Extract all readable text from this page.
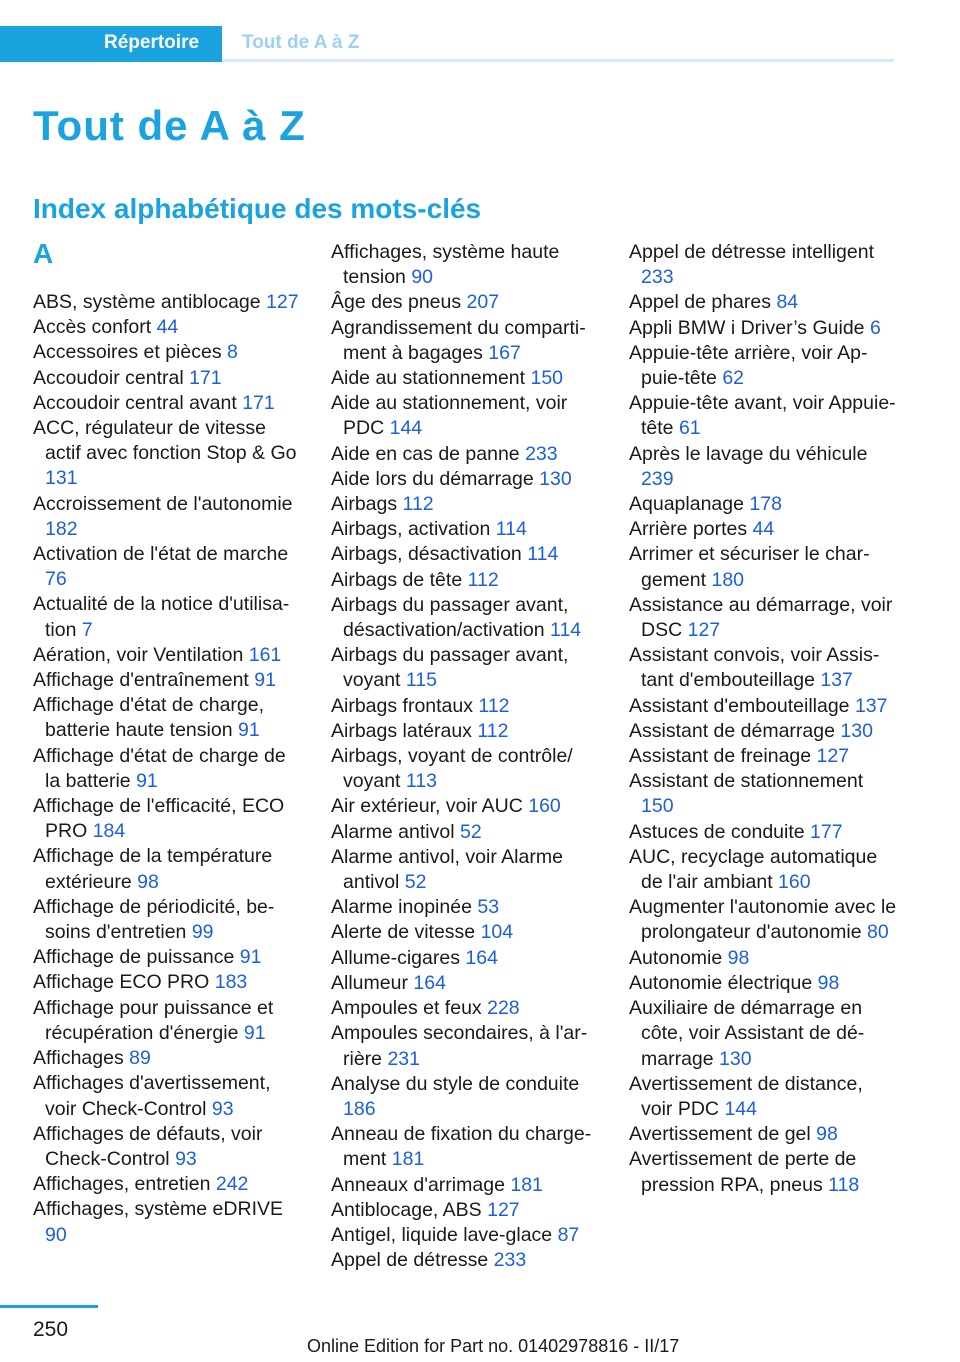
Répertoire	Tout de A à Z
Tout de A à Z
Index alphabétique des mots-clés
A
ABS, système antiblocage 127
Accès confort 44
Accessoires et pièces 8
Accoudoir central 171
Accoudoir central avant 171
ACC, régulateur de vitesse actif avec fonction Stop & Go 131
Accroissement de l'autonomie 182
Activation de l'état de marche 76
Actualité de la notice d'utilisation 7
Aération, voir Ventilation 161
Affichage d'entraînement 91
Affichage d'état de charge, batterie haute tension 91
Affichage d'état de charge de la batterie 91
Affichage de l'efficacité, ECO PRO 184
Affichage de la température extérieure 98
Affichage de périodicité, besoins d'entretien 99
Affichage de puissance 91
Affichage ECO PRO 183
Affichage pour puissance et récupération d'énergie 91
Affichages 89
Affichages d'avertissement, voir Check-Control 93
Affichages de défauts, voir Check-Control 93
Affichages, entretien 242
Affichages, système eDRIVE 90
Affichages, système haute tension 90
Âge des pneus 207
Agrandissement du compartiment à bagages 167
Aide au stationnement 150
Aide au stationnement, voir PDC 144
Aide en cas de panne 233
Aide lors du démarrage 130
Airbags 112
Airbags, activation 114
Airbags, désactivation 114
Airbags de tête 112
Airbags du passager avant, désactivation/activation 114
Airbags du passager avant, voyant 115
Airbags frontaux 112
Airbags latéraux 112
Airbags, voyant de contrôle/ voyant 113
Air extérieur, voir AUC 160
Alarme antivol 52
Alarme antivol, voir Alarme antivol 52
Alarme inopinée 53
Alerte de vitesse 104
Allume-cigares 164
Allumeur 164
Ampoules et feux 228
Ampoules secondaires, à l'arrière 231
Analyse du style de conduite 186
Anneau de fixation du chargement 181
Anneaux d'arrimage 181
Antiblocage, ABS 127
Antigel, liquide lave-glace 87
Appel de détresse 233
Appel de détresse intelligent 233
Appel de phares 84
Appli BMW i Driver’s Guide 6
Appuie-tête arrière, voir Appuie-tête 62
Appuie-tête avant, voir Appuie-tête 61
Après le lavage du véhicule 239
Aquaplanage 178
Arrière portes 44
Arrimer et sécuriser le chargement 180
Assistance au démarrage, voir DSC 127
Assistant convois, voir Assistant d'embouteillage 137
Assistant d'embouteillage 137
Assistant de démarrage 130
Assistant de freinage 127
Assistant de stationnement 150
Astuces de conduite 177
AUC, recyclage automatique de l'air ambiant 160
Augmenter l'autonomie avec le prolongateur d'autonomie 80
Autonomie 98
Autonomie électrique 98
Auxiliaire de démarrage en côte, voir Assistant de démarrage 130
Avertissement de distance, voir PDC 144
Avertissement de gel 98
Avertissement de perte de pression RPA, pneus 118
250
Online Edition for Part no. 01402978816 - II/17
